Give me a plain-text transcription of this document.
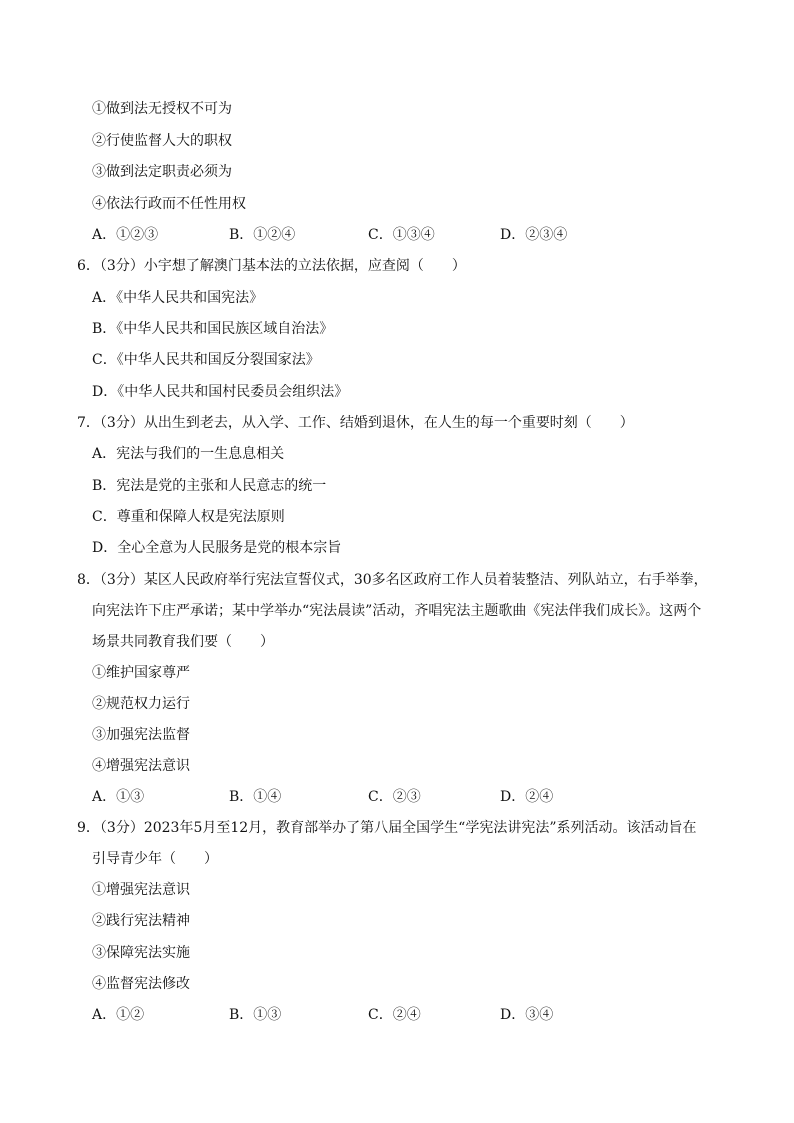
①做到法无授权不可为
②行使监督人大的职权
③做到法定职责必须为
④依法行政而不任性用权
A．①②③	B．①②④	C．①③④	D．②③④
6．（3分）小宇想了解澳门基本法的立法依据，应查阅（　　）
A．《中华人民共和国宪法》
B．《中华人民共和国民族区域自治法》
C．《中华人民共和国反分裂国家法》
D．《中华人民共和国村民委员会组织法》
7．（3分）从出生到老去，从入学、工作、结婚到退休，在人生的每一个重要时刻（　　）
A．宪法与我们的一生息息相关
B．宪法是党的主张和人民意志的统一
C．尊重和保障人权是宪法原则
D．全心全意为人民服务是党的根本宗旨
8．（3分）某区人民政府举行宪法宣誓仪式，30多名区政府工作人员着装整洁、列队站立，右手举拳，
向宪法许下庄严承诺；某中学举办“宪法晨读”活动，齐唱宪法主题歌曲《宪法伴我们成长》。这两个
场景共同教育我们要（　　）
①维护国家尊严
②规范权力运行
③加强宪法监督
④增强宪法意识
A．①③	B．①④	C．②③	D．②④
9．（3分）2023年5月至12月，教育部举办了第八届全国学生“学宪法讲宪法”系列活动。该活动旨在
引导青少年（　　）
①增强宪法意识
②践行宪法精神
③保障宪法实施
④监督宪法修改
A．①②	B．①③	C．②④	D．③④
